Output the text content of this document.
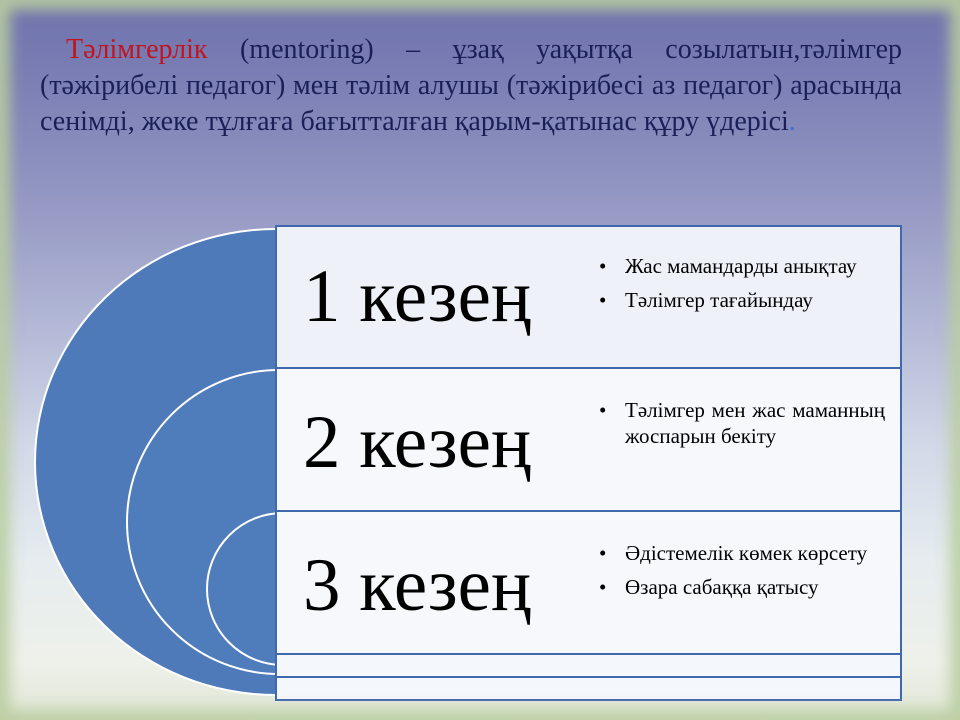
Тәлімгерлік (mentoring) – ұзақ уақытқа созылатын,тәлімгер (тәжірибелі педагог) мен тәлім алушы (тәжірибесі аз педагог) арасында сенімді, жеке тұлғаға бағытталған қарым-қатынас құру үдерісі.
1 кезең	• Жас мамандарды анықтау
• Тәлімгер тағайындау
2 кезең	• Тәлімгер мен жас маманның жоспарын бекіту
3 кезең	• Әдістемелік көмек көрсету
• Өзара сабаққа қатысу
